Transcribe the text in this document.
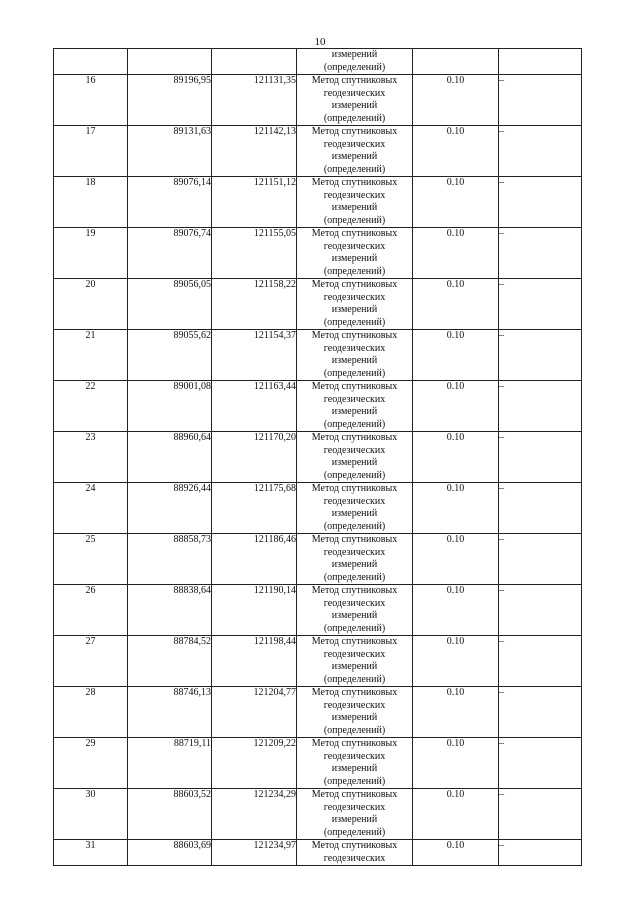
10

			измерений
(определений)		

16	89196,95	121131,35	Метод спутниковых
геодезических
измерений
(определений)	0.10	–
17	89131,63	121142,13	Метод спутниковых
геодезических
измерений
(определений)	0.10	–
18	89076,14	121151,12	Метод спутниковых
геодезических
измерений
(определений)	0.10	–
19	89076,74	121155,05	Метод спутниковых
геодезических
измерений
(определений)	0.10	–
20	89056,05	121158,22	Метод спутниковых
геодезических
измерений
(определений)	0.10	–
21	89055,62	121154,37	Метод спутниковых
геодезических
измерений
(определений)	0.10	–
22	89001,08	121163,44	Метод спутниковых
геодезических
измерений
(определений)	0.10	–
23	88960,64	121170,20	Метод спутниковых
геодезических
измерений
(определений)	0.10	–
24	88926,44	121175,68	Метод спутниковых
геодезических
измерений
(определений)	0.10	–
25	88858,73	121186,46	Метод спутниковых
геодезических
измерений
(определений)	0.10	–
26	88838,64	121190,14	Метод спутниковых
геодезических
измерений
(определений)	0.10	–
27	88784,52	121198,44	Метод спутниковых
геодезических
измерений
(определений)	0.10	–
28	88746,13	121204,77	Метод спутниковых
геодезических
измерений
(определений)	0.10	–
29	88719,11	121209,22	Метод спутниковых
геодезических
измерений
(определений)	0.10	–
30	88603,52	121234,29	Метод спутниковых
геодезических
измерений
(определений)	0.10	–
31	88603,69	121234,97	Метод спутниковых
геодезических	0.10	–
